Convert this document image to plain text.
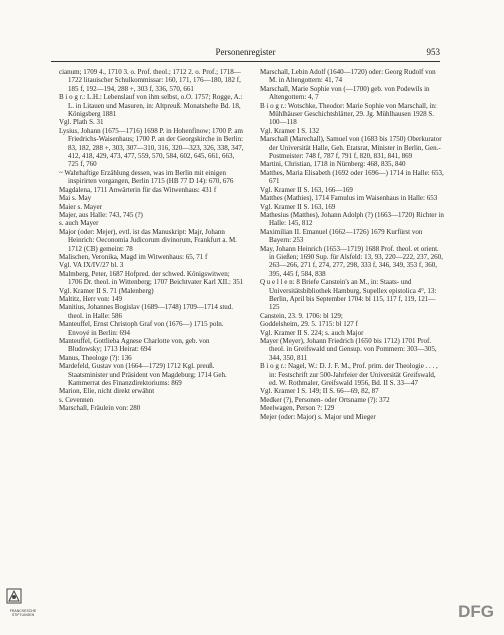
Personenregister	953

cianum; 1709 4., 1710 3. o. Prof. theol.; 1712 2. o. Prof.; 1718—1722 litauischer Schulkommissar: 160, 171, 176—180, 182 f, 185 f, 192—194, 288 +, 303 f, 336, 570, 661

B i o g r.: L.H.: Lebenslauf von ihm selbst, o.O. 1757; Rogge, A.: L. in Litauen und Masuren, in: Altpreuß. Monatshefte Bd. 18, Königsberg 1881

Vgl. Plath S. 31

Lysius, Johann (1675—1716) 1698 P. in Hohenfinow; 1700 P. am Friedrichs-Waisenhaus; 1700 P. an der Georgskirche in Berlin: 83, 182, 288 +, 303, 307—310, 316, 320—323, 326, 338, 347, 412, 418, 429, 473, 477, 559, 570, 584, 602, 645, 661, 663, 725 f, 760

~ Wahrhaftige Erzählung dessen, was im Berlin mit einigen inspirirten vorgangen, Berlin 1715 (HB 77 D 14): 670, 676

Magdalena, 1711 Anwärterin für das Witwenhaus: 431 f

Mai s. May

Maier s. Mayer

Majer, aus Halle: 743, 745 (?)

s. auch Mayer

Major (oder: Mejer), evtl. ist das Manuskript: Majr, Johann Heinrich: Oeconomia Judicorum divinorum, Frankfurt a. M. 1712 (CB) gemeint: 78

Malischen, Veronika, Magd im Witwenhaus: 65, 71 f

Vgl. VA IX/IV/27 bl. 3

Malmberg, Peter, 1687 Hofpred. der schwed. Königswitwen; 1706 Dr. theol. in Wittenberg; 1707 Beichtvater Karl XII.: 351

Vgl. Kramer II S. 71 (Malenberg)

Maltitz, Herr von: 149

Manitius, Johannes Bogislav (1689—1748) 1709—1714 stud. theol. in Halle: 586

Manteuffel, Ernst Christoph Graf von (1676—) 1715 poln. Envoyé in Berlin: 694

Manteuffel, Gottlieba Agnese Charlotte von, geb. von Bludowsky; 1713 Heirat: 694

Manus, Theologe (?): 136

Mardefeld, Gustav von (1664—1729) 1712 Kgl. preuß. Staatsminister und Präsident von Magdeburg; 1714 Geh. Kammerrat des Finanzdirektoriums: 869

Marion, Elie, nicht direkt erwähnt

s. Cevennen

Marschall, Fräulein von: 280

Marschall, Lebin Adolf (1640—1720) oder: Georg Rudolf von M. in Altengottern: 41, 74

Marschall, Marie Sophie von (—1700) geb. von Podewils in Altengottern: 4, 7

B i o g r.: Wotschke, Theodor: Marie Sophie von Marschall, in: Mühlhäuser Geschichtsblätter, 29. Jg. Mühlhausen 1928 S. 100—118

Vgl. Kramer I S. 132

Marschall (Marechall), Samuel von (1683 bis 1750) Oberkurator der Universität Halle, Geh. Etatsrat, Minister in Berlin, Gen.-Postmeister: 748 f, 787 f, 791 f, 820, 831, 841, 869

Martini, Christian, 1718 in Nürnberg: 468, 835, 840

Matthes, Maria Elisabeth (1692 oder 1696—) 1714 in Halle: 653, 671

Vgl. Kramer II S. 163, 166—169

Matthes (Mathies), 1714 Famulus im Waisenhaus in Halle: 653

Vgl. Kramer II S. 163, 169

Mathesius (Matthes), Johann Adolph (?) (1663—1720) Richter in Halle: 145, 812

Maximilian II. Emanuel (1662—1726) 1679 Kurfürst von Bayern: 253

May, Johann Heinrich (1653—1719) 1688 Prof. theol. et orient. in Gießen; 1690 Sup. für Alsfeld: 13, 93, 220—222, 237, 260, 263—266, 271 f, 274, 277, 298, 333 f, 346, 349, 353 f, 360, 395, 445 f, 584, 838

Q u e l l e n: 8 Briefe Canstein's an M., in: Staats- und Universitätsbibliothek Hamburg, Supellex epistolica 4°, 13: Berlin, April bis September 1704: bl 115, 117 f, 119, 121—125

Canstein, 23. 9. 1706: bl 129;

Goddelsheim, 29. 5. 1715: bl 127 f

Vgl. Kramer II S. 224; s. auch Major

Mayer (Meyer), Johann Friedrich (1650 bis 1712) 1701 Prof. theol. in Greifswald und Gensup. von Pommern: 303—305, 344, 350, 811

B i o g r.: Nagel, W.: D. J. F. M., Prof. prim. der Theologie . . . , in: Festschrift zur 500-Jahrfeier der Universität Greifswald, ed. W. Rothmaler, Greifswald 1956, Bd. II S. 33—47

Vgl. Kramer I S. 149; II S. 66—69, 82, 87

Medker (?), Personen- oder Ortsname (?): 372

Meelwagen, Person ?: 129

Mejer (oder: Major) s. Major und Mieger

FRANCKESCHE STIFTUNGEN	DFG
